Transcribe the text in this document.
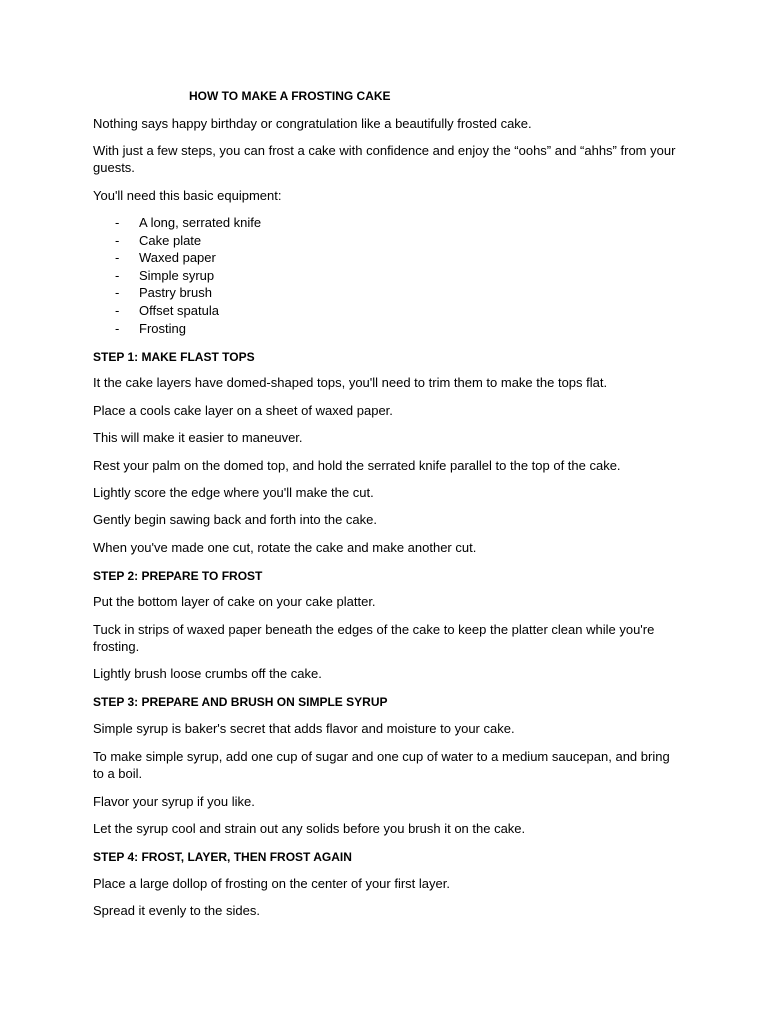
HOW TO MAKE A FROSTING CAKE

Nothing says happy birthday or congratulation like a beautifully frosted cake.

With just a few steps, you can frost a cake with confidence and enjoy the “oohs” and “ahhs” from your guests.

You'll need this basic equipment:

- A long, serrated knife
- Cake plate
- Waxed paper
- Simple syrup
- Pastry brush
- Offset spatula
- Frosting
STEP 1: MAKE FLAST TOPS

It the cake layers have domed-shaped tops, you'll need to trim them to make the tops flat.

Place a cools cake layer on a sheet of waxed paper.

This will make it easier to maneuver.

Rest your palm on the domed top, and hold the serrated knife parallel to the top of the cake.

Lightly score the edge where you'll make the cut.

Gently begin sawing back and forth into the cake.

When you've made one cut, rotate the cake and make another cut.

STEP 2: PREPARE TO FROST

Put the bottom layer of cake on your cake platter.

Tuck in strips of waxed paper beneath the edges of the cake to keep the platter clean while you're frosting.

Lightly brush loose crumbs off the cake.

STEP 3: PREPARE AND BRUSH ON SIMPLE SYRUP

Simple syrup is baker's secret that adds flavor and moisture to your cake.

To make simple syrup, add one cup of sugar and one cup of water to a medium saucepan, and bring to a boil.

Flavor your syrup if you like.

Let the syrup cool and strain out any solids before you brush it on the cake.

STEP 4: FROST, LAYER, THEN FROST AGAIN

Place a large dollop of frosting on the center of your first layer.

Spread it evenly to the sides.
